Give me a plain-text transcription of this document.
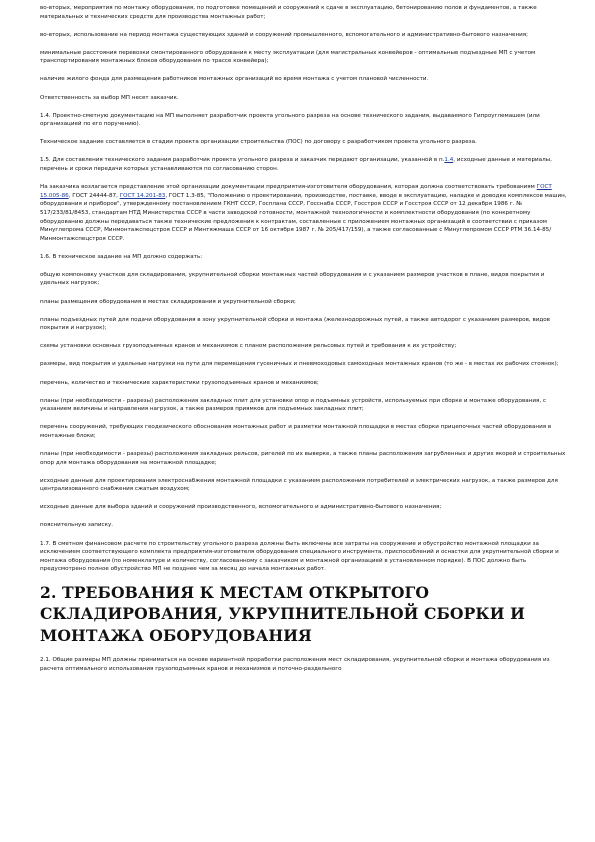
во-вторых, мероприятия по монтажу оборудования, по подготовке помещений и сооружений к сдаче в эксплуатацию, бетонированию полов и фундаментов, а также материальных и технических средств для производства монтажных работ;

во-вторых, использование на период монтажа существующих зданий и сооружений промышленного, вспомогательного и административно-бытового назначения;

минимальные расстояния перевозки смонтированного оборудования к месту эксплуатации (для магистральных конвейеров - оптимальные подъездные МП с учетом транспортирования монтажных блоков оборудования по трассе конвейера);

наличие жилого фонда для размещения работников монтажных организаций во время монтажа с учетом плановой численности.

Ответственность за выбор МП несет заказчик.

1.4. Проектно-сметную документацию на МП выполняет разработчик проекта угольного разреза на основе технического задания, выдаваемого Гипроуглемашем (или организацией по его поручению).

Техническое задание составляется в стадии проекта организации строительства (ПОС) по договору с разработчиком проекта угольного разреза.

1.5. Для составления технического задания разработчик проекта угольного разреза и заказчик передают организации, указанной в п.1.4, исходные данные и материалы, перечень и сроки передачи которых устанавливаются по согласованию сторон.

На заказчика возлагается представление этой организации документации предприятия-изготовителя оборудования, которая должна соответствовать требованиям ГОСТ 15.005-86, ГОСТ 24444-87, ГОСТ 14.201-83, ГОСТ 1.3-85, "Положению о проектировании, производстве, поставке, вводе в эксплуатацию, наладке и доводке комплексов машин, оборудования и приборов", утвержденному постановлением ГКНТ СССР, Госплана СССР, Госснаба СССР, Госстроя СССР и Госстроя СССР от 12 декабря 1986 г. № 517/233/81/8453, стандартам НТД Министерства СССР в части заводской готовности, монтажной технологичности и комплектности оборудования (по конкретному оборудованию должны передаваться также технические предложения к контрактам, составленные с приложением монтажных организаций в соответствии с приказом Минуглепрома СССР, Минмонтажспецстроя СССР и Минтяжмаша СССР от 16 октября 1987 г. № 205/417/159), а также согласованные с Минуглепромом СССР РТМ 36.14-85/Минмонтажспецстроя СССР.

1.6. В техническое задание на МП должно содержать:

общую компоновку участков для складирования, укрупнительной сборки монтажных частей оборудования и с указанием размеров участков в плане, видов покрытия и удельных нагрузок;

планы размещения оборудования в местах складирования и укрупнительной сборки;

планы подъездных путей для подачи оборудования в зону укрупнительной сборки и монтажа (железнодорожных путей, а также автодорог с указанием размеров, видов покрытия и нагрузок);

схемы установки основных грузоподъемных кранов и механизмов с планом расположения рельсовых путей и требования к их устройству;

размеры, вид покрытия и удельные нагрузки на пути для перемещения гусеничных и пневмоходовых самоходных монтажных кранов (то же - в местах их рабочих стоянок);

перечень, количество и технические характеристики грузоподъемных кранов и механизмов;

планы (при необходимости - разрезы) расположения закладных плит для установки опор и подъемных устройств, используемых при сборке и монтаже оборудования, с указанием величины и направления нагрузок, а также размеров приямков для подъемных закладных плит;

перечень сооружений, требующих геодезического обоснования монтажных работ и разметки монтажной площадки в местах сборки прицепочных частей оборудования в монтажные блоки;

планы (при необходимости - разрезы) расположения закладных рельсов, ригелей по их выверке, а также планы расположения загрубленных и других якорей и строительных опор для монтажа оборудования на монтажной площадке;

исходные данные для проектирования электроснабжения монтажной площадки с указанием расположения потребителей и электрических нагрузок, а также размеров для централизованного снабжения сжатым воздухом;

исходные данные для выбора зданий и сооружений производственного, вспомогательного и административно-бытового назначения;

пояснительную записку.

1.7. В сметном финансовом расчете по строительству угольного разреза должны быть включены все затраты на сооружение и обустройство монтажной площадки за исключением соответствующего комплекта предприятия-изготовителя оборудования специального инструмента, приспособлений и оснастки для укрупнительной сборки и монтажа оборудования (по номенклатуре и количеству, согласованному с заказчиком и монтажной организацией в установленном порядке). В ПОС должно быть предусмотрено полное обустройство МП не позднее чем за месяц до начала монтажных работ.

2. ТРЕБОВАНИЯ К МЕСТАМ ОТКРЫТОГО СКЛАДИРОВАНИЯ, УКРУПНИТЕЛЬНОЙ СБОРКИ И МОНТАЖА ОБОРУДОВАНИЯ

2.1. Общие размеры МП должны приниматься на основе вариантной проработки расположения мест складирования, укрупнительной сборки и монтажа оборудования из расчета оптимального использования грузоподъемных кранов и механизмов и поточно-раздельного
